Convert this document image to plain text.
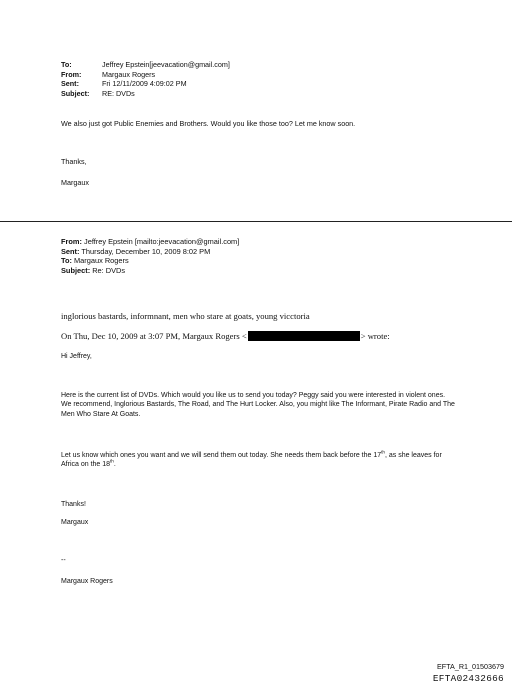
To:	Jeffrey Epstein[jeevacation@gmail.com]
From:	Margaux Rogers
Sent:	Fri 12/11/2009 4:09:02 PM
Subject:	RE: DVDs
We also just got Public Enemies and Brothers. Would you like those too? Let me know soon.
Thanks,
Margaux
From: Jeffrey Epstein [mailto:jeevacation@gmail.com]
Sent: Thursday, December 10, 2009 8:02 PM
To: Margaux Rogers
Subject: Re: DVDs
inglorious bastards, informnant, men who stare at goats, young vicctoria
On Thu, Dec 10, 2009 at 3:07 PM, Margaux Rogers <	> wrote:
Hi Jeffrey,
Here is the current list of DVDs. Which would you like us to send you today? Peggy said you were interested in violent ones. We recommend, Inglorious Bastards, The Road, and The Hurt Locker. Also, you might like The Informant, Pirate Radio and The Men Who Stare At Goats.
Let us know which ones you want and we will send them out today. She needs them back before the 17th, as she leaves for Africa on the 18th.
Thanks!
Margaux
--
Margaux Rogers
EFTA_R1_01503679
EFTA02432666
